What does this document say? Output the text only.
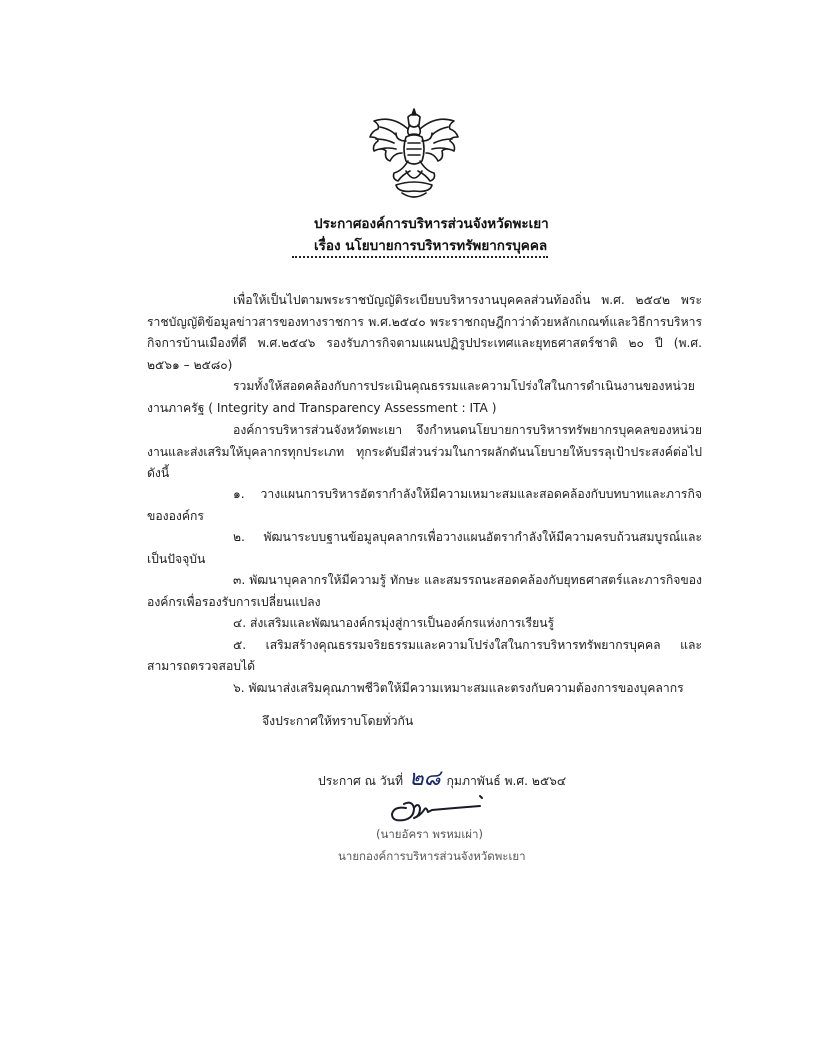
ประกาศองค์การบริหารส่วนจังหวัดพะเยา
เรื่อง นโยบายการบริหารทรัพยากรบุคคล

เพื่อให้เป็นไปตามพระราชบัญญัติระเบียบบริหารงานบุคคลส่วนท้องถิ่น พ.ศ. ๒๕๔๒ พระราชบัญญัติข้อมูลข่าวสารของทางราชการ พ.ศ.๒๕๔๐ พระราชกฤษฎีกาว่าด้วยหลักเกณฑ์และวิธีการบริหารกิจการบ้านเมืองที่ดี พ.ศ.๒๕๔๖ รองรับภารกิจตามแผนปฏิรูปประเทศและยุทธศาสตร์ชาติ ๒๐ ปี (พ.ศ. ๒๕๖๑ – ๒๕๘๐)

รวมทั้งให้สอดคล้องกับการประเมินคุณธรรมและความโปร่งใสในการดำเนินงานของหน่วยงานภาครัฐ ( Integrity and Transparency Assessment : ITA )

องค์การบริหารส่วนจังหวัดพะเยา จึงกำหนดนโยบายการบริหารทรัพยากรบุคคลของหน่วยงานและส่งเสริมให้บุคลากรทุกประเภท ทุกระดับมีส่วนร่วมในการผลักดันนโยบายให้บรรลุเป้าประสงค์ต่อไป ดังนี้

๑. วางแผนการบริหารอัตรากำลังให้มีความเหมาะสมและสอดคล้องกับบทบาทและภารกิจขององค์กร
๒. พัฒนาระบบฐานข้อมูลบุคลากรเพื่อวางแผนอัตรากำลังให้มีความครบถ้วนสมบูรณ์และเป็นปัจจุบัน
๓. พัฒนาบุคลากรให้มีความรู้ ทักษะ และสมรรถนะสอดคล้องกับยุทธศาสตร์และภารกิจขององค์กรเพื่อรองรับการเปลี่ยนแปลง
๔. ส่งเสริมและพัฒนาองค์กรมุ่งสู่การเป็นองค์กรแห่งการเรียนรู้
๕. เสริมสร้างคุณธรรมจริยธรรมและความโปร่งใสในการบริหารทรัพยากรบุคคล และสามารถตรวจสอบได้
๖. พัฒนาส่งเสริมคุณภาพชีวิตให้มีความเหมาะสมและตรงกับความต้องการของบุคลากร
จึงประกาศให้ทราบโดยทั่วกัน
ประกาศ ณ วันที่ ๒๘ กุมภาพันธ์ พ.ศ. ๒๕๖๔
(นายอัครา พรหมเผ่า)
นายกองค์การบริหารส่วนจังหวัดพะเยา
